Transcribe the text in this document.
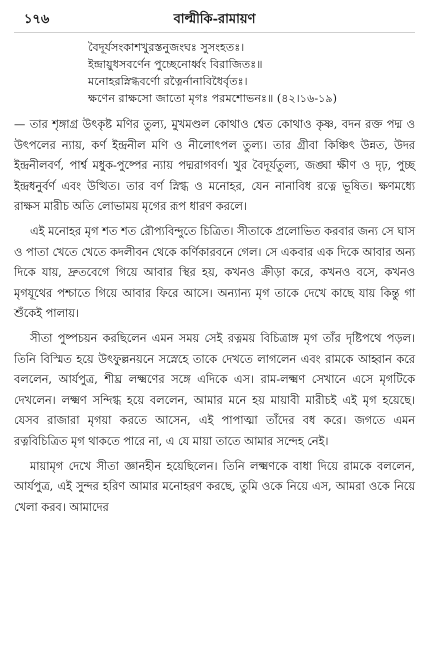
১৭৬	বাল্মীকি-রামায়ণ
বৈদূর্যসংকাশখুরস্তনুজংঘঃ সুসংহতঃ।
ইন্দ্রায়ুধসবর্ণেন পুচ্ছেনোর্ধ্বং বিরাজিতঃ॥
মনোহরস্নিগ্ধবর্ণো রত্নৈর্নানাবিধৈর্বৃতঃ।
ক্ষণেন রাক্ষসো জাতো মৃগঃ পরমশোভনঃ॥ (৪২।১৬-১৯)

— তার শৃঙ্গাগ্র উৎকৃষ্ট মণির তুল্য, মুখমণ্ডল কোথাও শ্বেত কোথাও কৃষ্ণ, বদন রক্ত পদ্ম ও উৎপলের ন্যায়, কর্ণ ইন্দ্রনীল মণি ও নীলোৎপল তুল্য। তার গ্রীবা কিঞ্চিৎ উন্নত, উদর ইন্দ্রনীলবর্ণ, পার্শ্ব মধুক-পুষ্পের ন্যায় পদ্মরাগবর্ণ। খুর বৈদূর্যতুল্য, জঙ্ঘা ক্ষীণ ও দৃঢ়, পুচ্ছ ইন্দ্রধনুর্বর্ণ এবং উত্থিত। তার বর্ণ স্নিগ্ধ ও মনোহর, যেন নানাবিধ রত্নে ভূষিত। ক্ষণমধ্যে রাক্ষস মারীচ অতি লোভাময় মৃগের রূপ ধারণ করলে।

এই মনোহর মৃগ শত শত রৌপ্যবিন্দুতে চিত্রিত। সীতাকে প্রলোভিত করবার জন্য সে ঘাস ও পাতা খেতে খেতে কদলীবন থেকে কর্ণিকারবনে গেল। সে একবার এক দিকে আবার অন্য দিকে যায়, দ্রুতবেগে গিয়ে আবার স্থির হয়, কখনও ক্রীড়া করে, কখনও বসে, কখনও মৃগযূথের পশ্চাতে গিয়ে আবার ফিরে আসে। অন্যান্য মৃগ তাকে দেখে কাছে যায় কিন্তু গা শুঁকেই পালায়।

সীতা পুষ্পচয়ন করছিলেন এমন সময় সেই রত্নময় বিচিত্রাঙ্গ মৃগ তাঁর দৃষ্টিপথে পড়ল। তিনি বিস্মিত হয়ে উৎফুল্লনয়নে সস্নেহে তাকে দেখতে লাগলেন এবং রামকে আহ্বান করে বললেন, আর্যপুত্র, শীঘ্র লক্ষ্মণের সঙ্গে এদিকে এস। রাম-লক্ষ্মণ সেখানে এসে মৃগটিকে দেখলেন। লক্ষ্মণ সন্দিগ্ধ হয়ে বললেন, আমার মনে হয় মায়াবী মারীচই এই মৃগ হয়েছে। যেসব রাজারা মৃগয়া করতে আসেন, এই পাপাত্মা তাঁদের বধ করে। জগতে এমন রত্নবিচিত্রিত মৃগ থাকতে পারে না, এ যে মায়া তাতে আমার সন্দেহ নেই।

মায়ামৃগ দেখে সীতা জ্ঞানহীন হয়েছিলেন। তিনি লক্ষ্মণকে বাধা দিয়ে রামকে বললেন, আর্যপুত্র, এই সুন্দর হরিণ আমার মনোহরণ করছে, তুমি ওকে নিয়ে এস, আমরা ওকে নিয়ে খেলা করব। আমাদের
